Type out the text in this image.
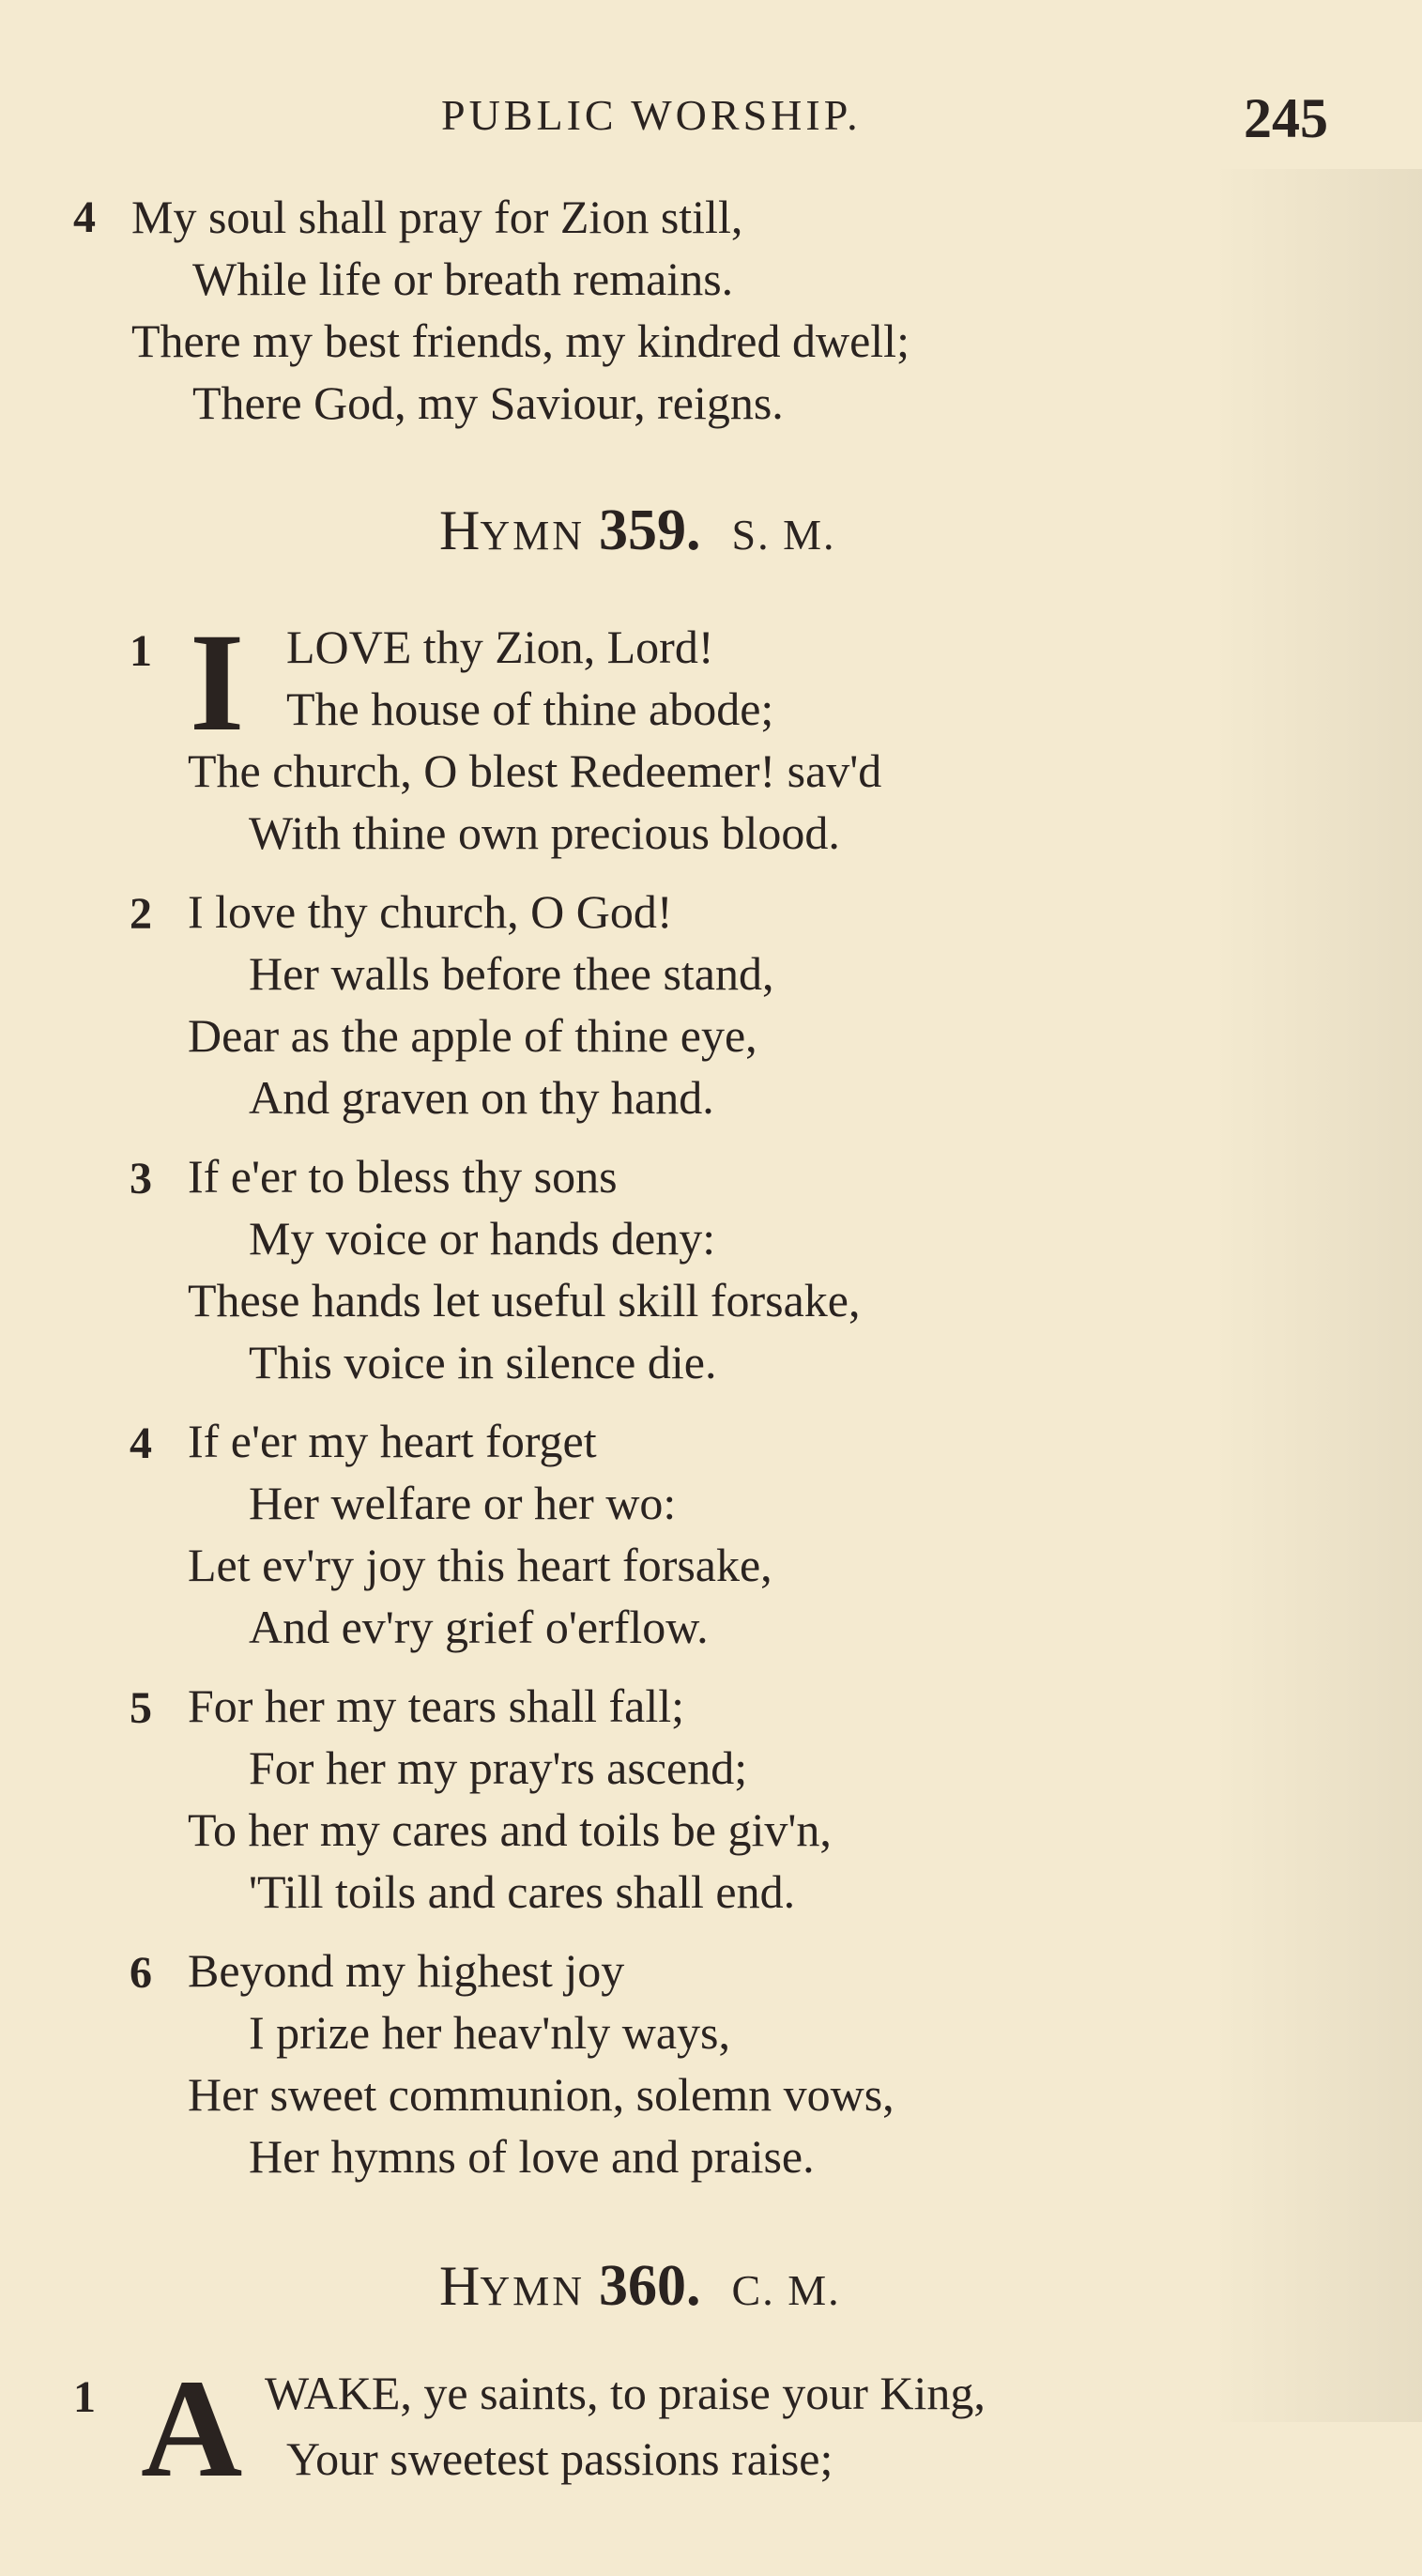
PUBLIC WORSHIP.	245
4 My soul shall pray for Zion still,
While life or breath remains.
There my best friends, my kindred dwell;
There God, my Saviour, reigns.
HYMN 359. S. M.
1 I LOVE thy Zion, Lord!
The house of thine abode;
The church, O blest Redeemer! sav'd
With thine own precious blood.
2 I love thy church, O God!
Her walls before thee stand,
Dear as the apple of thine eye,
And graven on thy hand.
3 If e'er to bless thy sons
My voice or hands deny:
These hands let useful skill forsake,
This voice in silence die.
4 If e'er my heart forget
Her welfare or her wo:
Let ev'ry joy this heart forsake,
And ev'ry grief o'erflow.
5 For her my tears shall fall;
For her my pray'rs ascend;
To her my cares and toils be giv'n,
'Till toils and cares shall end.
6 Beyond my highest joy
I prize her heav'nly ways,
Her sweet communion, solemn vows,
Her hymns of love and praise.
HYMN 360. C. M.
1 A WAKE, ye saints, to praise your King,
Your sweetest passions raise;
